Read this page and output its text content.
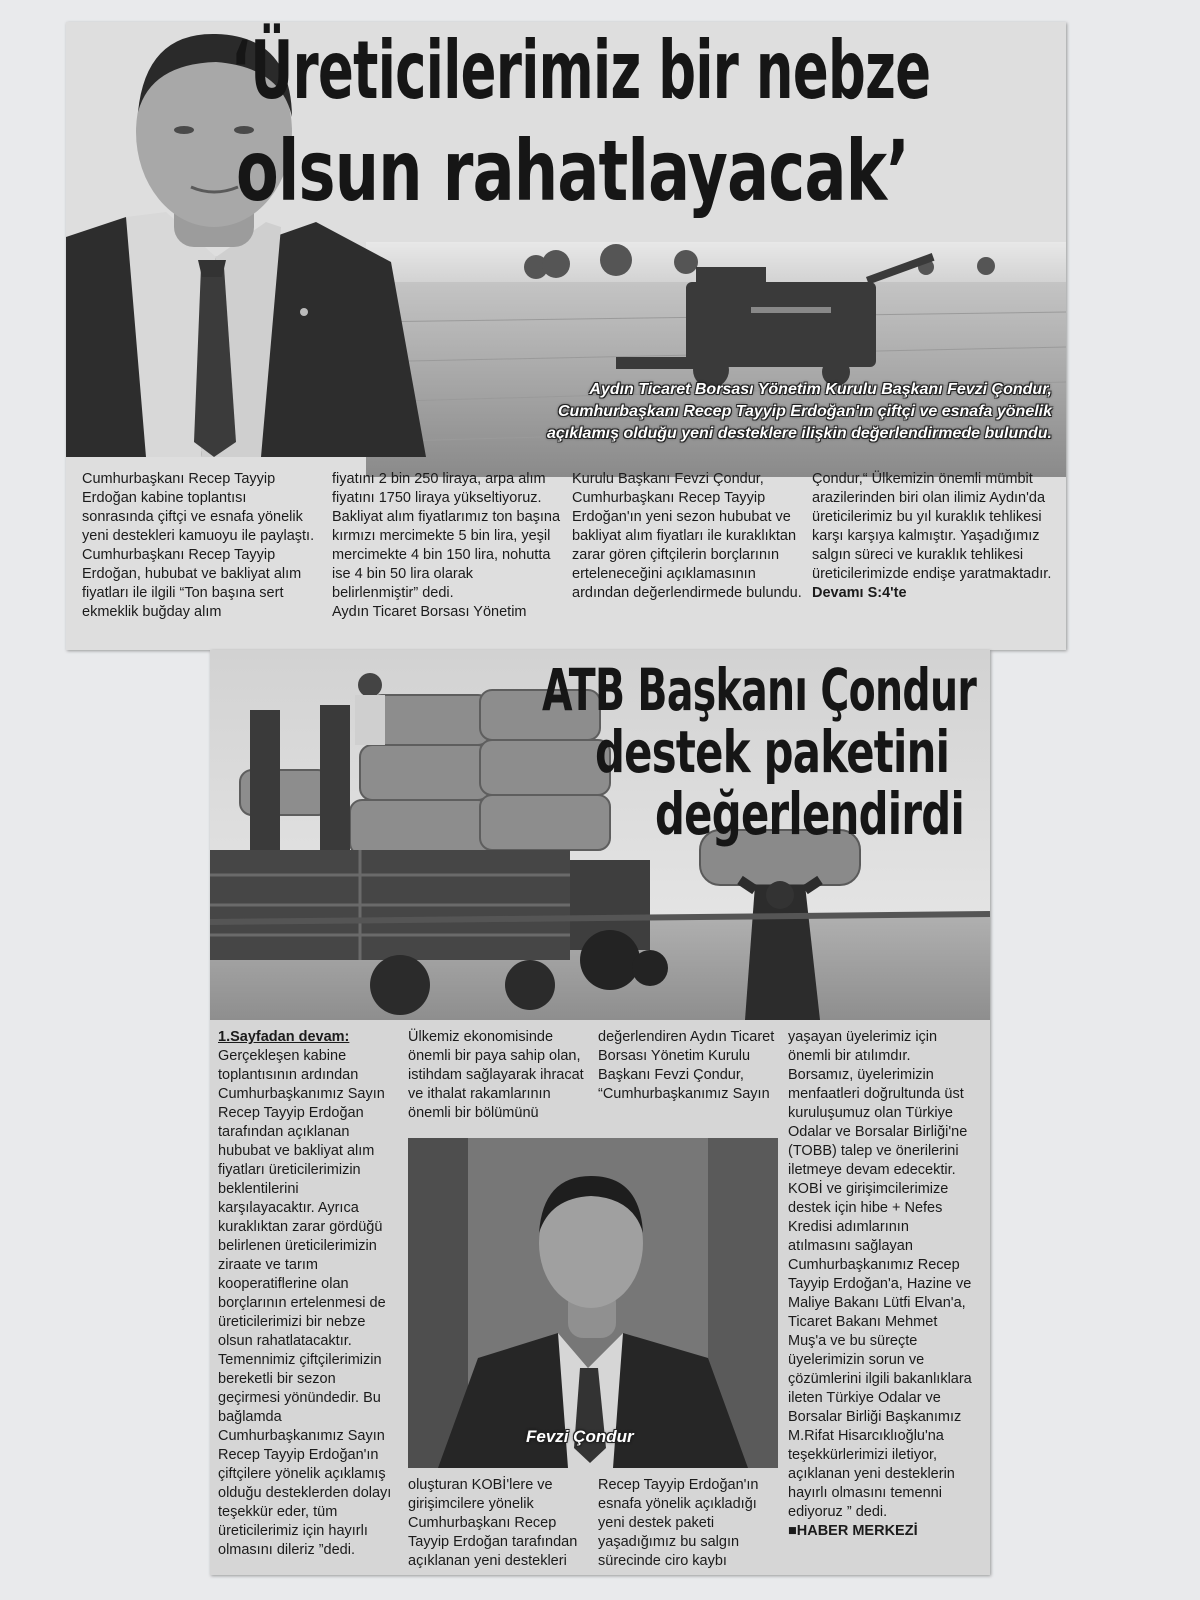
‘Üreticilerimiz bir nebze
olsun rahatlayacak’
Aydın Ticaret Borsası Yönetim Kurulu Başkanı Fevzi Çondur,
Cumhurbaşkanı Recep Tayyip Erdoğan'ın çiftçi ve esnafa yönelik
açıklamış olduğu yeni desteklere ilişkin değerlendirmede bulundu.
Cumhurbaşkanı Recep Tayyip Erdoğan kabine toplantısı sonrasında çiftçi ve esnafa yönelik yeni destekleri kamuoyu ile paylaştı. Cumhurbaşkanı Recep Tayyip Erdoğan, hububat ve bakliyat alım fiyatları ile ilgili “Ton başına sert ekmeklik buğday alım
fiyatını 2 bin 250 liraya, arpa alım fiyatını 1750 liraya yükseltiyoruz. Bakliyat alım fiyatlarımız ton başına kırmızı mercimekte 5 bin lira, yeşil mercimekte 4 bin 150 lira, nohutta ise 4 bin 50 lira olarak belirlenmiştir” dedi.
Aydın Ticaret Borsası Yönetim
Kurulu Başkanı Fevzi Çondur, Cumhurbaşkanı Recep Tayyip Erdoğan'ın yeni sezon hububat ve bakliyat alım fiyatları ile kuraklıktan zarar gören çiftçilerin borçlarının erteleneceğini açıklamasının ardından değerlendirmede bulundu.
Çondur,“ Ülkemizin önemli mümbit arazilerinden biri olan ilimiz Aydın'da üreticilerimiz bu yıl kuraklık tehlikesi karşı karşıya kalmıştır. Yaşadığımız salgın süreci ve kuraklık tehlikesi üreticilerimizde endişe yaratmaktadır. Devamı S:4'te
ATB Başkanı Çondur
destek paketini
değerlendirdi
1.Sayfadan devam:
Gerçekleşen kabine toplantısının ardından Cumhurbaşkanımız Sayın Recep Tayyip Erdoğan tarafından açıklanan hububat ve bakliyat alım fiyatları üreticilerimizin beklentilerini karşılayacaktır. Ayrıca kuraklıktan zarar gördüğü belirlenen üreticilerimizin ziraate ve tarım kooperatiflerine olan borçlarının ertelenmesi de üreticilerimizi bir nebze olsun rahatlatacaktır. Temennimiz çiftçilerimizin bereketli bir sezon geçirmesi yönündedir. Bu bağlamda Cumhurbaşkanımız Sayın Recep Tayyip Erdoğan'ın çiftçilere yönelik açıklamış olduğu desteklerden dolayı teşekkür eder, tüm üreticilerimiz için hayırlı olmasını dileriz ”dedi.
Ülkemiz ekonomisinde önemli bir paya sahip olan, istihdam sağlayarak ihracat ve ithalat rakamlarının önemli bir bölümünü
değerlendiren Aydın Ticaret Borsası Yönetim Kurulu Başkanı Fevzi Çondur, “Cumhurbaşkanımız Sayın
Fevzi Çondur
oluşturan KOBİ'lere ve girişimcilere yönelik Cumhurbaşkanı Recep Tayyip Erdoğan tarafından açıklanan yeni destekleri
Recep Tayyip Erdoğan'ın esnafa yönelik açıkladığı yeni destek paketi yaşadığımız bu salgın sürecinde ciro kaybı
yaşayan üyelerimiz için önemli bir atılımdır. Borsamız, üyelerimizin menfaatleri doğrultunda üst kuruluşumuz olan Türkiye Odalar ve Borsalar Birliği'ne (TOBB) talep ve önerilerini iletmeye devam edecektir. KOBİ ve girişimcilerimize destek için hibe + Nefes Kredisi adımlarının atılmasını sağlayan Cumhurbaşkanımız Recep Tayyip Erdoğan'a, Hazine ve Maliye Bakanı Lütfi Elvan'a, Ticaret Bakanı Mehmet Muş'a ve bu süreçte üyelerimizin sorun ve çözümlerini ilgili bakanlıklara ileten Türkiye Odalar ve Borsalar Birliği Başkanımız M.Rifat Hisarcıklıoğlu'na teşekkürlerimizi iletiyor, açıklanan yeni desteklerin hayırlı olmasını temenni ediyoruz ” dedi.
■HABER MERKEZİ
